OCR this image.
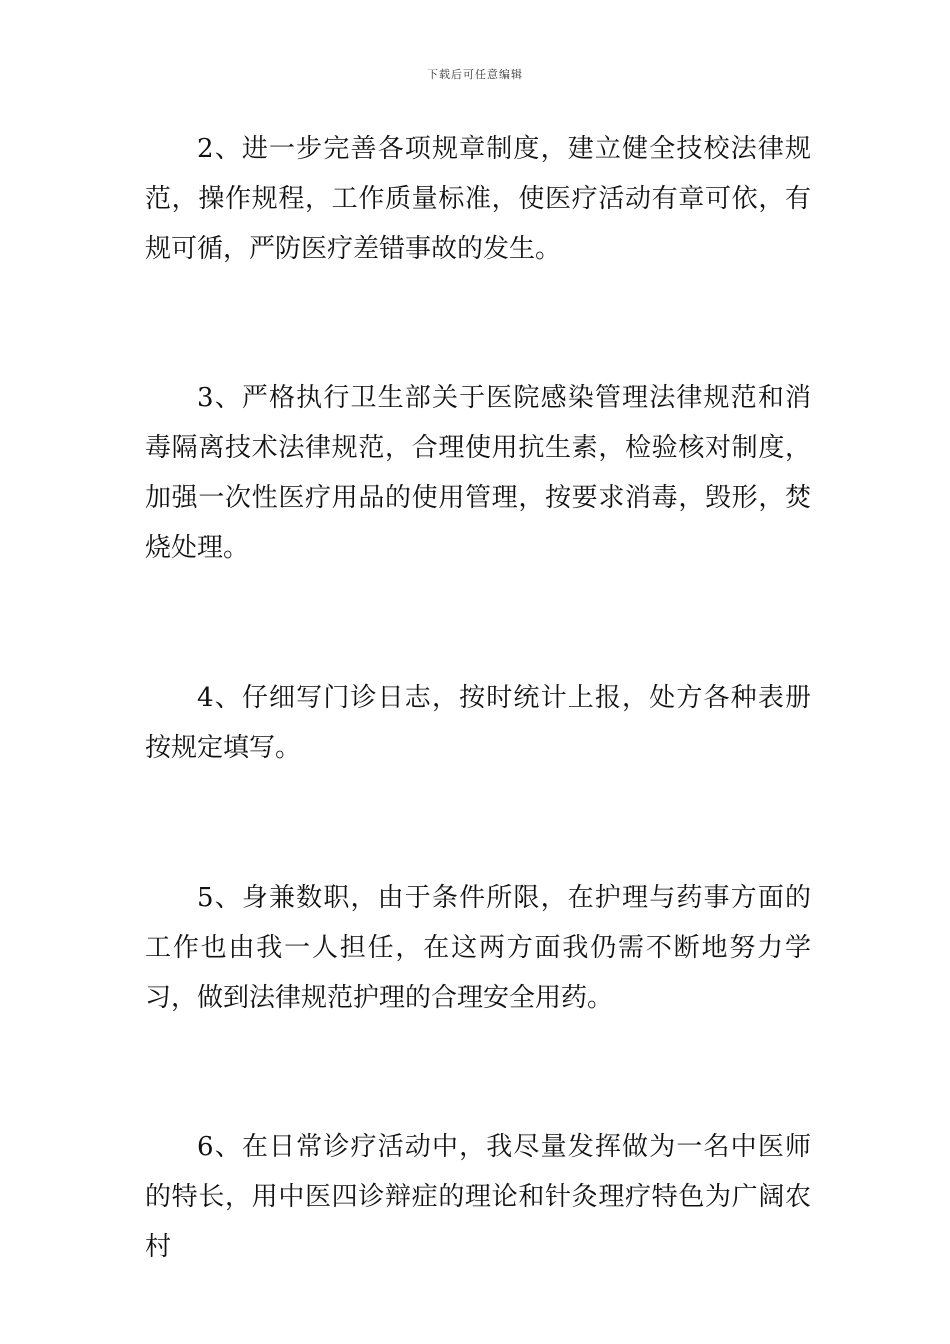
下载后可任意编辑

2、进一步完善各项规章制度，建立健全技校法律规范，操作规程，工作质量标准，使医疗活动有章可依，有规可循，严防医疗差错事故的发生。

3、严格执行卫生部关于医院感染管理法律规范和消毒隔离技术法律规范，合理使用抗生素，检验核对制度，加强一次性医疗用品的使用管理，按要求消毒，毁形，焚烧处理。

4、仔细写门诊日志，按时统计上报，处方各种表册按规定填写。

5、身兼数职，由于条件所限，在护理与药事方面的工作也由我一人担任，在这两方面我仍需不断地努力学习，做到法律规范护理的合理安全用药。

6、在日常诊疗活动中，我尽量发挥做为一名中医师的特长，用中医四诊辩症的理论和针灸理疗特色为广阔农村
